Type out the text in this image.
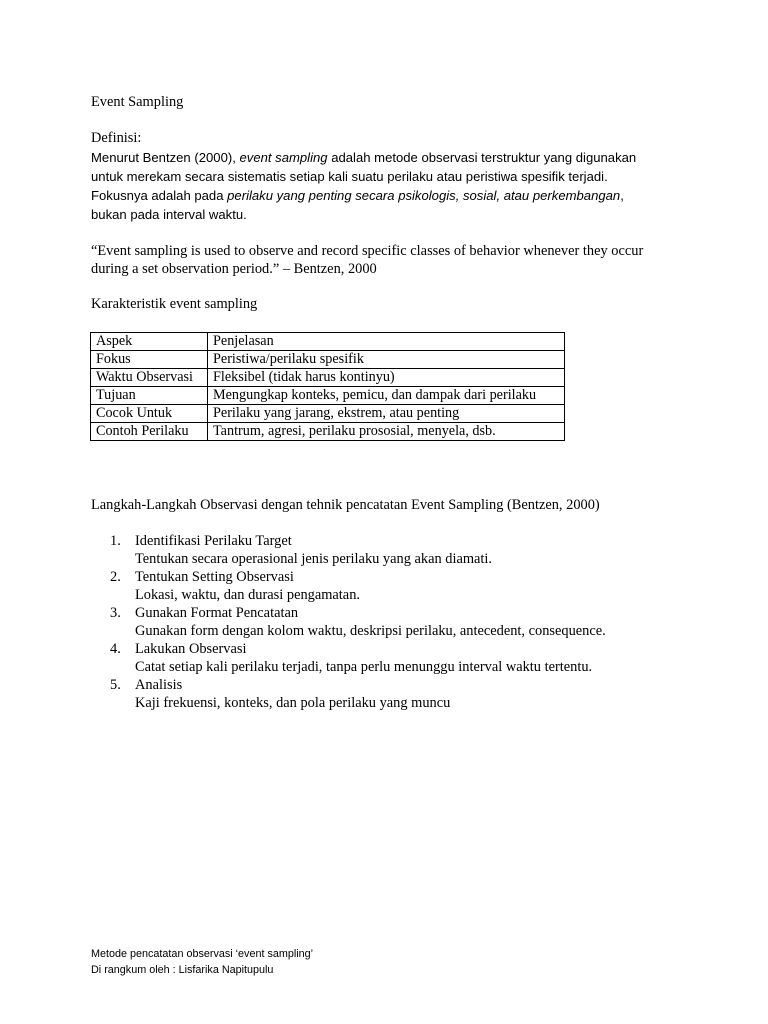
Event Sampling
Definisi:
Menurut Bentzen (2000), event sampling adalah metode observasi terstruktur yang digunakan
untuk merekam secara sistematis setiap kali suatu perilaku atau peristiwa spesifik terjadi.
Fokusnya adalah pada perilaku yang penting secara psikologis, sosial, atau perkembangan,
bukan pada interval waktu.
“Event sampling is used to observe and record specific classes of behavior whenever they occur
during a set observation period.” – Bentzen, 2000
Karakteristik event sampling
Aspek	Penjelasan
Fokus	Peristiwa/perilaku spesifik
Waktu Observasi	Fleksibel (tidak harus kontinyu)
Tujuan	Mengungkap konteks, pemicu, dan dampak dari perilaku
Cocok Untuk	Perilaku yang jarang, ekstrem, atau penting
Contoh Perilaku	Tantrum, agresi, perilaku prososial, menyela, dsb.
Langkah-Langkah Observasi dengan tehnik pencatatan Event Sampling (Bentzen, 2000)
1. Identifikasi Perilaku Target
Tentukan secara operasional jenis perilaku yang akan diamati.
2. Tentukan Setting Observasi
Lokasi, waktu, dan durasi pengamatan.
3. Gunakan Format Pencatatan
Gunakan form dengan kolom waktu, deskripsi perilaku, antecedent, consequence.
4. Lakukan Observasi
Catat setiap kali perilaku terjadi, tanpa perlu menunggu interval waktu tertentu.
5. Analisis
Kaji frekuensi, konteks, dan pola perilaku yang muncu
Metode pencatatan observasi ‘event sampling’
Di rangkum oleh : Lisfarika Napitupulu
